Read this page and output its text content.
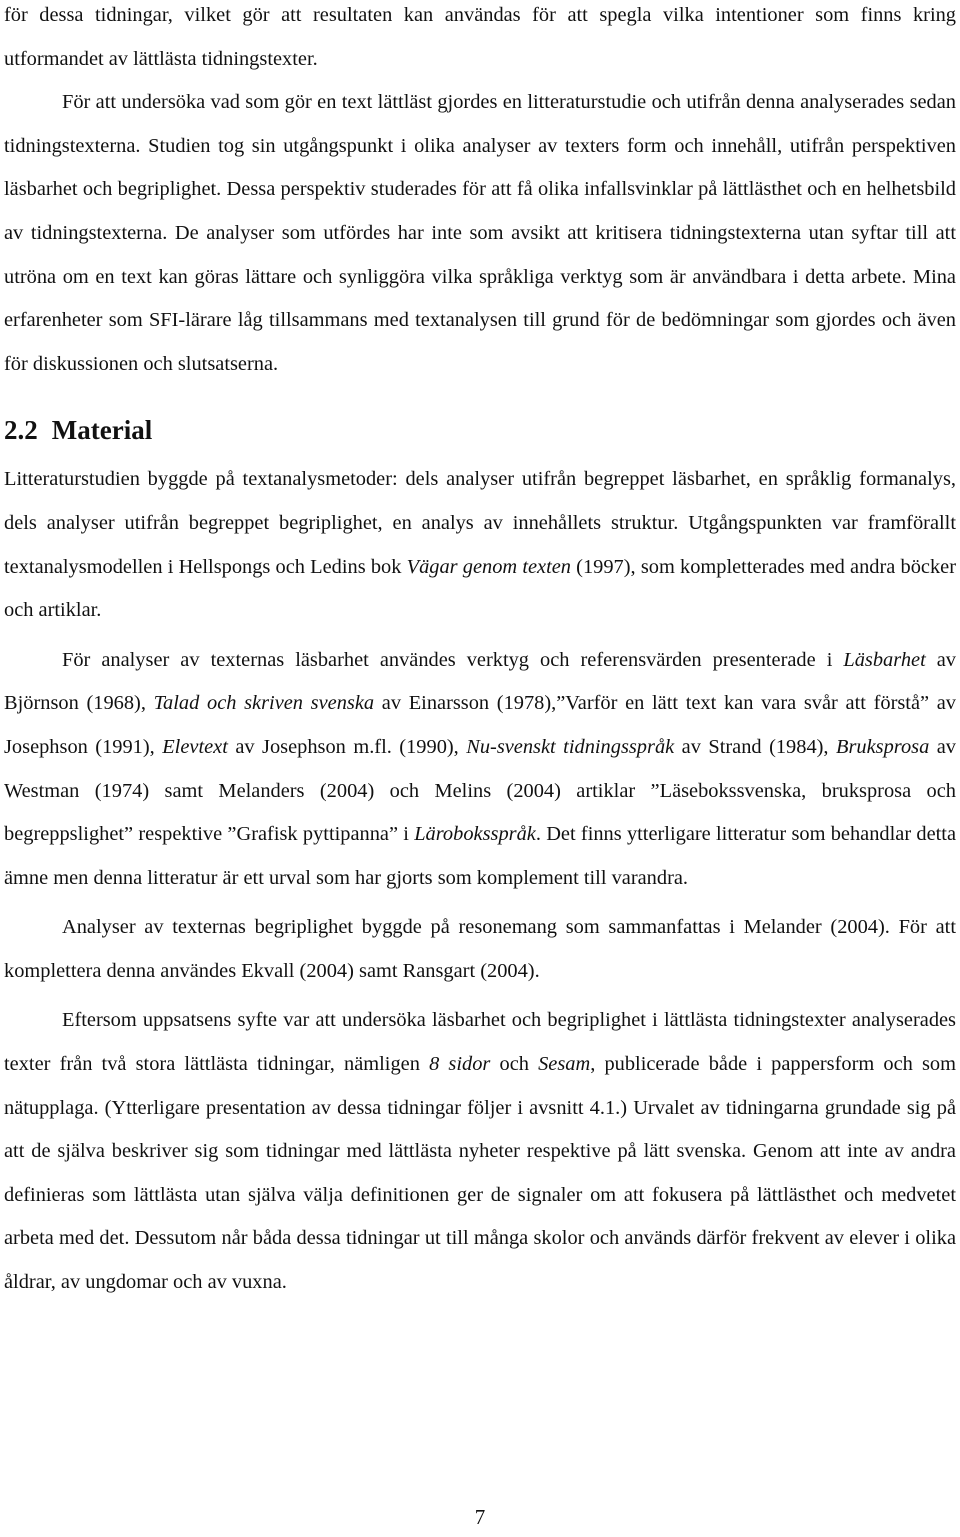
för dessa tidningar, vilket gör att resultaten kan användas för att spegla vilka intentioner som finns kring utformandet av lättlästa tidningstexter.

För att undersöka vad som gör en text lättläst gjordes en litteraturstudie och utifrån denna analyserades sedan tidningstexterna. Studien tog sin utgångspunkt i olika analyser av texters form och innehåll, utifrån perspektiven läsbarhet och begriplighet. Dessa perspektiv studerades för att få olika infallsvinklar på lättlästhet och en helhetsbild av tidningstexterna. De analyser som utfördes har inte som avsikt att kritisera tidningstexterna utan syftar till att utröna om en text kan göras lättare och synliggöra vilka språkliga verktyg som är användbara i detta arbete. Mina erfarenheter som SFI-lärare låg tillsammans med textanalysen till grund för de bedömningar som gjordes och även för diskussionen och slutsatserna.

2.2 Material

Litteraturstudien byggde på textanalysmetoder: dels analyser utifrån begreppet läsbarhet, en språklig formanalys, dels analyser utifrån begreppet begriplighet, en analys av innehållets struktur. Utgångspunkten var framförallt textanalysmodellen i Hellspongs och Ledins bok Vägar genom texten (1997), som kompletterades med andra böcker och artiklar.

För analyser av texternas läsbarhet användes verktyg och referensvärden presenterade i Läsbarhet av Björnson (1968), Talad och skriven svenska av Einarsson (1978),”Varför en lätt text kan vara svår att förstå” av Josephson (1991), Elevtext av Josephson m.fl. (1990), Nu-svenskt tidningsspråk av Strand (1984), Bruksprosa av Westman (1974) samt Melanders (2004) och Melins (2004) artiklar ”Läsebokssvenska, bruksprosa och begreppslighet” respektive ”Grafisk pyttipanna” i Läroboksspråk. Det finns ytterligare litteratur som behandlar detta ämne men denna litteratur är ett urval som har gjorts som komplement till varandra.

Analyser av texternas begriplighet byggde på resonemang som sammanfattas i Melander (2004). För att komplettera denna användes Ekvall (2004) samt Ransgart (2004).

Eftersom uppsatsens syfte var att undersöka läsbarhet och begriplighet i lättlästa tidningstexter analyserades texter från två stora lättlästa tidningar, nämligen 8 sidor och Sesam, publicerade både i pappersform och som nätupplaga. (Ytterligare presentation av dessa tidningar följer i avsnitt 4.1.) Urvalet av tidningarna grundade sig på att de själva beskriver sig som tidningar med lättlästa nyheter respektive på lätt svenska. Genom att inte av andra definieras som lättlästa utan själva välja definitionen ger de signaler om att fokusera på lättlästhet och medvetet arbeta med det. Dessutom når båda dessa tidningar ut till många skolor och används därför frekvent av elever i olika åldrar, av ungdomar och av vuxna.

7
